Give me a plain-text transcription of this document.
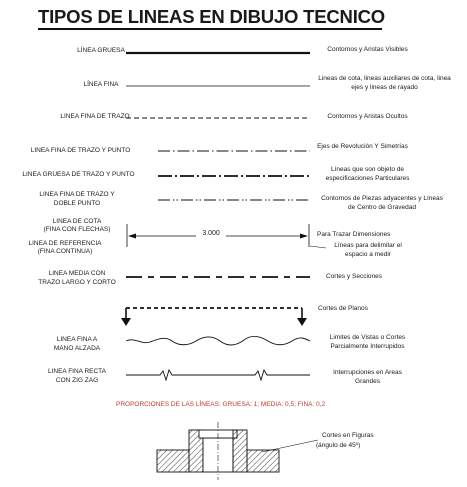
TIPOS DE LINEAS EN DIBUJO TECNICO
LÍNEA GRUESA
LÍNEA FINA
LINEA FINA DE TRAZO
LINEA FINA DE TRAZO Y PUNTO
LINEA GRUESA DE TRAZO Y PUNTO
LINEA FINA DE TRAZO Y
DOBLE PUNTO
LINEA DE COTA
(FINA CON FLECHAS)
LINEA DE REFERENCIA
(FINA CONTINUA)
LINEA MEDIA CON
TRAZO LARGO Y CORTO
LINEA FINA A
MANO ALZADA
LINEA FINA RECTA
CON ZIG ZAG
Contornos y Aristas Visibles
Lineas de cota, lineas auxiliares de cota, linea
ejes y lineas de rayado
Contornos y Aristas Ocultos
Ejes de Revolución Y Simetrías
Líneas que son objeto de
especificaciones Particulares
Contornos de Piezas adyacentes y Líneas
de Centro de Gravedad
Para Trazar Dimensiones
Líneas para delimitar el
espacio a medir
Cortes y Secciones
Cortes de Planos
Limites de Vistas o Cortes
Parcialmente Interrupidos
Interrupciones en Areas
Grandes
PROPORCIONES DE LAS LÍNEAS: GRUESA: 1; MEDIA: 0,5; FINA: 0,2
Cortes en Figuras
(ángulo de 45º)
3.000
